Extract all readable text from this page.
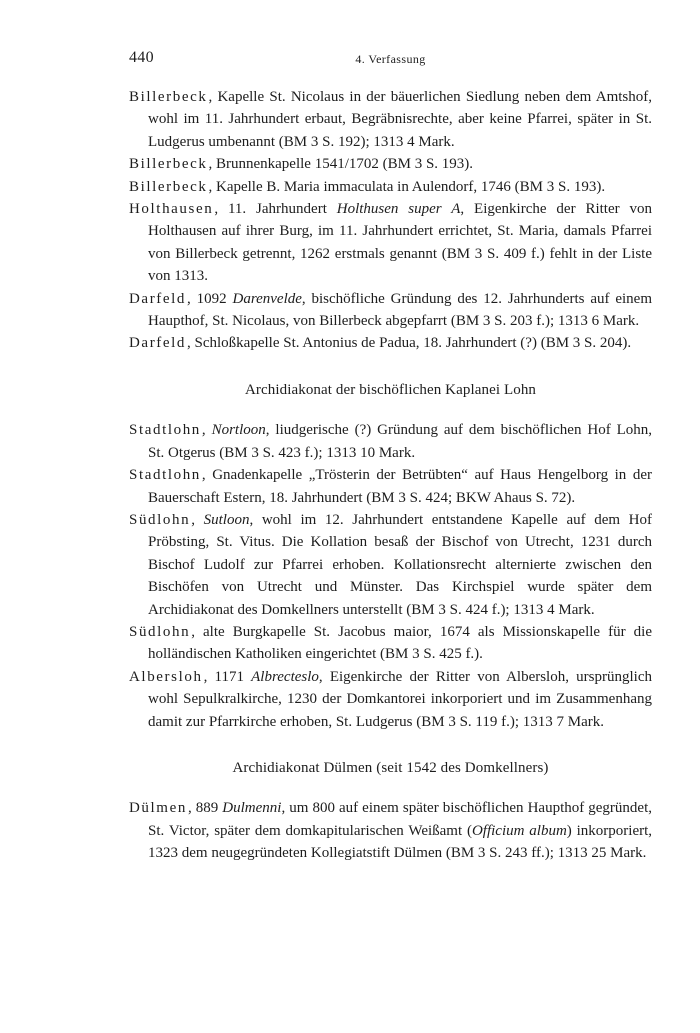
440	4. Verfassung

Billerbeck, Kapelle St. Nicolaus in der bäuerlichen Siedlung neben dem Amtshof, wohl im 11. Jahrhundert erbaut, Begräbnisrechte, aber keine Pfarrei, später in St. Ludgerus umbenannt (BM 3 S. 192); 1313 4 Mark.

Billerbeck, Brunnenkapelle 1541/1702 (BM 3 S. 193).

Billerbeck, Kapelle B. Maria immaculata in Aulendorf, 1746 (BM 3 S. 193).

Holthausen, 11. Jahrhundert Holthusen super A, Eigenkirche der Ritter von Holthausen auf ihrer Burg, im 11. Jahrhundert errichtet, St. Maria, damals Pfarrei von Billerbeck getrennt, 1262 erstmals genannt (BM 3 S. 409 f.) fehlt in der Liste von 1313.

Darfeld, 1092 Darenvelde, bischöfliche Gründung des 12. Jahrhunderts auf einem Haupthof, St. Nicolaus, von Billerbeck abgepfarrt (BM 3 S. 203 f.); 1313 6 Mark.

Darfeld, Schloßkapelle St. Antonius de Padua, 18. Jahrhundert (?) (BM 3 S. 204).

Archidiakonat der bischöflichen Kaplanei Lohn

Stadtlohn, Nortloon, liudgerische (?) Gründung auf dem bischöflichen Hof Lohn, St. Otgerus (BM 3 S. 423 f.); 1313 10 Mark.

Stadtlohn, Gnadenkapelle „Trösterin der Betrübten“ auf Haus Hengelborg in der Bauerschaft Estern, 18. Jahrhundert (BM 3 S. 424; BKW Ahaus S. 72).

Südlohn, Sutloon, wohl im 12. Jahrhundert entstandene Kapelle auf dem Hof Pröbsting, St. Vitus. Die Kollation besaß der Bischof von Utrecht, 1231 durch Bischof Ludolf zur Pfarrei erhoben. Kollationsrecht alternierte zwischen den Bischöfen von Utrecht und Münster. Das Kirchspiel wurde später dem Archidiakonat des Domkellners unterstellt (BM 3 S. 424 f.); 1313 4 Mark.

Südlohn, alte Burgkapelle St. Jacobus maior, 1674 als Missionskapelle für die holländischen Katholiken eingerichtet (BM 3 S. 425 f.).

Albersloh, 1171 Albrecteslo, Eigenkirche der Ritter von Albersloh, ursprünglich wohl Sepulkralkirche, 1230 der Domkantorei inkorporiert und im Zusammenhang damit zur Pfarrkirche erhoben, St. Ludgerus (BM 3 S. 119 f.); 1313 7 Mark.

Archidiakonat Dülmen (seit 1542 des Domkellners)

Dülmen, 889 Dulmenni, um 800 auf einem später bischöflichen Haupthof gegründet, St. Victor, später dem domkapitularischen Weißamt (Officium album) inkorporiert, 1323 dem neugegründeten Kollegiatstift Dülmen (BM 3 S. 243 ff.); 1313 25 Mark.
